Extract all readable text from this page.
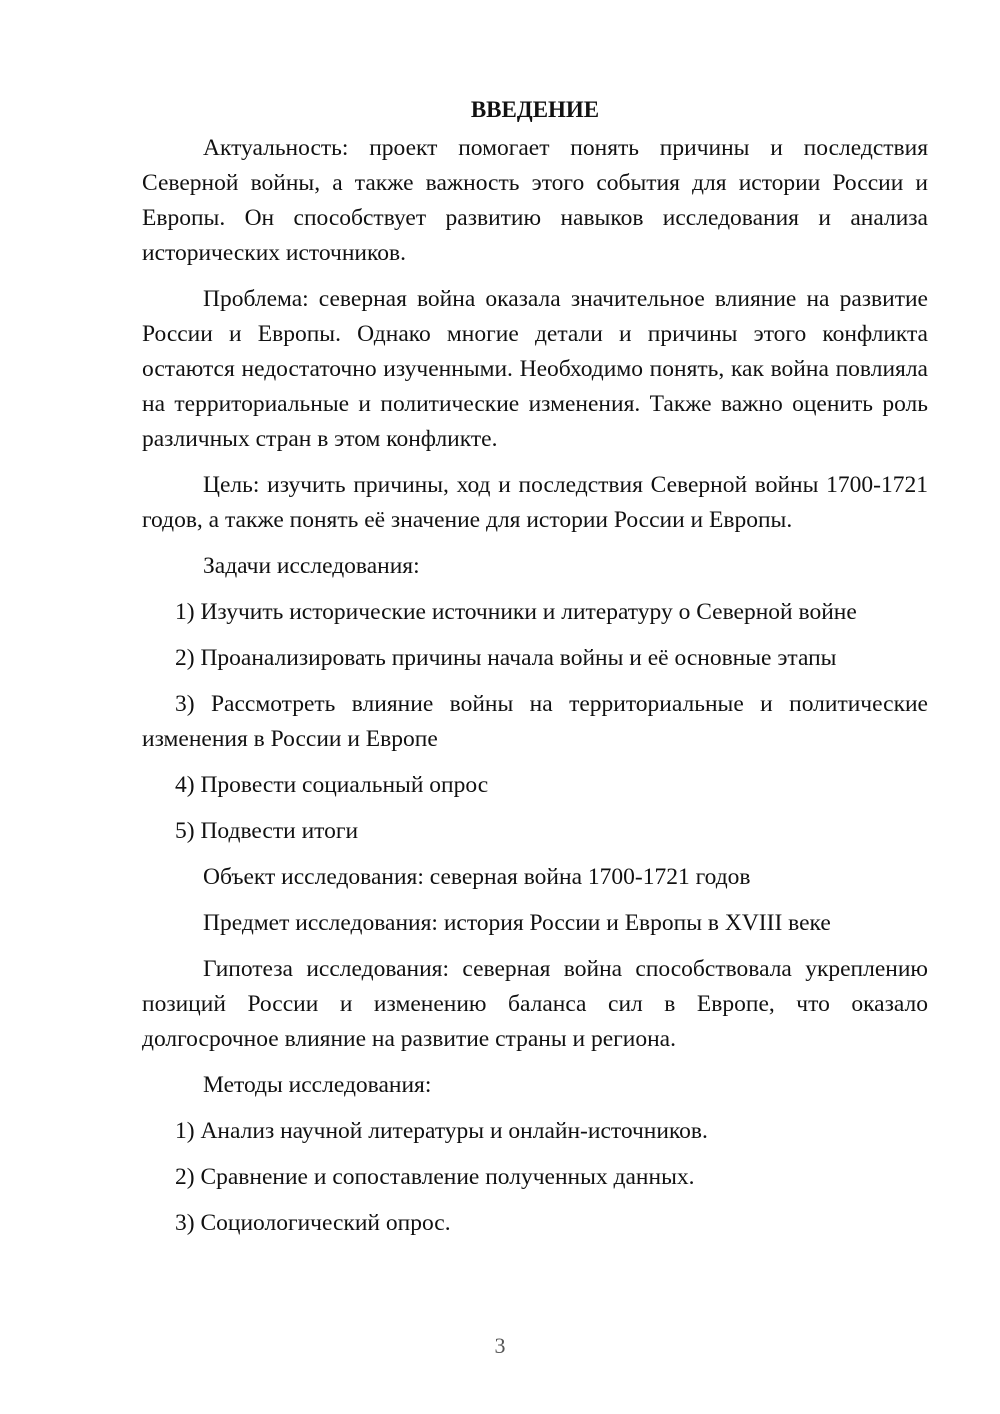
ВВЕДЕНИЕ

Актуальность: проект помогает понять причины и последствия Северной войны, а также важность этого события для истории России и Европы. Он способствует развитию навыков исследования и анализа исторических источников.

Проблема: северная война оказала значительное влияние на развитие России и Европы. Однако многие детали и причины этого конфликта остаются недостаточно изученными. Необходимо понять, как война повлияла на территориальные и политические изменения. Также важно оценить роль различных стран в этом конфликте.

Цель: изучить причины, ход и последствия Северной войны 1700-1721 годов, а также понять её значение для истории России и Европы.

Задачи исследования:

1) Изучить исторические источники и литературу о Северной войне

2) Проанализировать причины начала войны и её основные этапы

3) Рассмотреть влияние войны на территориальные и политические изменения в России и Европе

4) Провести социальный опрос

5) Подвести итоги

Объект исследования: северная война 1700-1721 годов

Предмет исследования: история России и Европы в XVIII веке

Гипотеза исследования: северная война способствовала укреплению позиций России и изменению баланса сил в Европе, что оказало долгосрочное влияние на развитие страны и региона.

Методы исследования:

1) Анализ научной литературы и онлайн-источников.

2) Сравнение и сопоставление полученных данных.

3) Социологический опрос.

3
